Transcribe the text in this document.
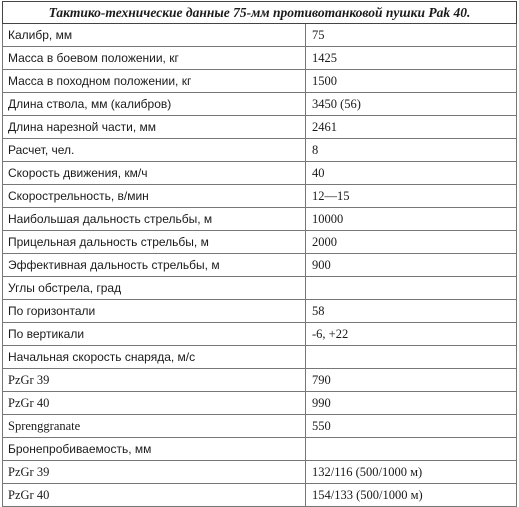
Тактико-технические данные 75-мм противотанковой пушки Pak 40.	
Калибр, мм	75
Масса в боевом положении, кг	1425
Масса в походном положении, кг	1500
Длина ствола, мм (калибров)	3450 (56)
Длина нарезной части, мм	2461
Расчет, чел.	8
Скорость движения, км/ч	40
Скорострельность, в/мин	12—15
Наибольшая дальность стрельбы, м	10000
Прицельная дальность стрельбы, м	2000
Эффективная дальность стрельбы, м	900
Углы обстрела, град	
По горизонтали	58
По вертикали	-6, +22
Начальная скорость снаряда, м/с	
PzGr 39	790
PzGr 40	990
Sprenggranate	550
Бронепробиваемость, мм	
PzGr 39	132/116 (500/1000 м)
PzGr 40	154/133 (500/1000 м)
